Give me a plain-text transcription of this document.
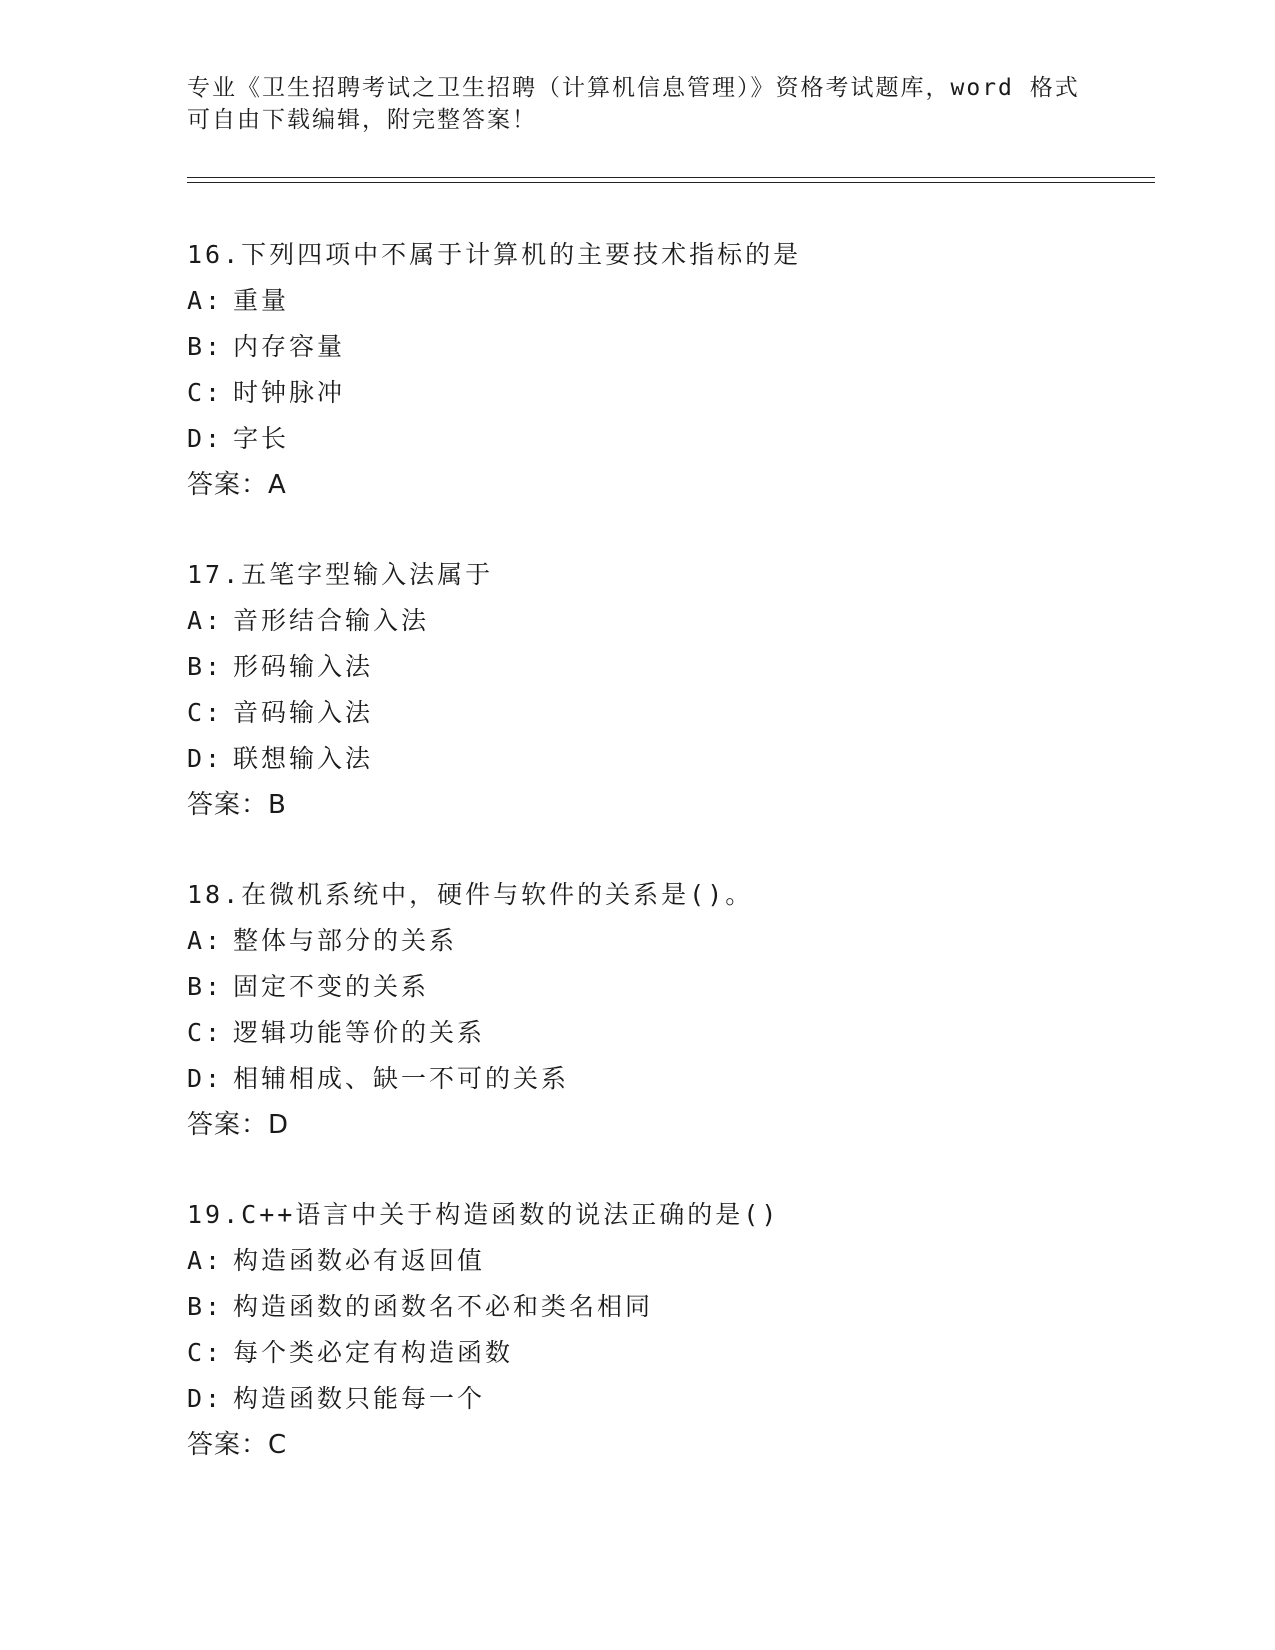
专业《卫生招聘考试之卫生招聘（计算机信息管理）》资格考试题库，word 格式
可自由下载编辑，附完整答案！
16.下列四项中不属于计算机的主要技术指标的是
A: 重量
B: 内存容量
C: 时钟脉冲
D: 字长
答案：A
17.五笔字型输入法属于
A: 音形结合输入法
B: 形码输入法
C: 音码输入法
D: 联想输入法
答案：B
18.在微机系统中，硬件与软件的关系是()。
A: 整体与部分的关系
B: 固定不变的关系
C: 逻辑功能等价的关系
D: 相辅相成、缺一不可的关系
答案：D
19.C++语言中关于构造函数的说法正确的是()
A: 构造函数必有返回值
B: 构造函数的函数名不必和类名相同
C: 每个类必定有构造函数
D: 构造函数只能每一个
答案：C
